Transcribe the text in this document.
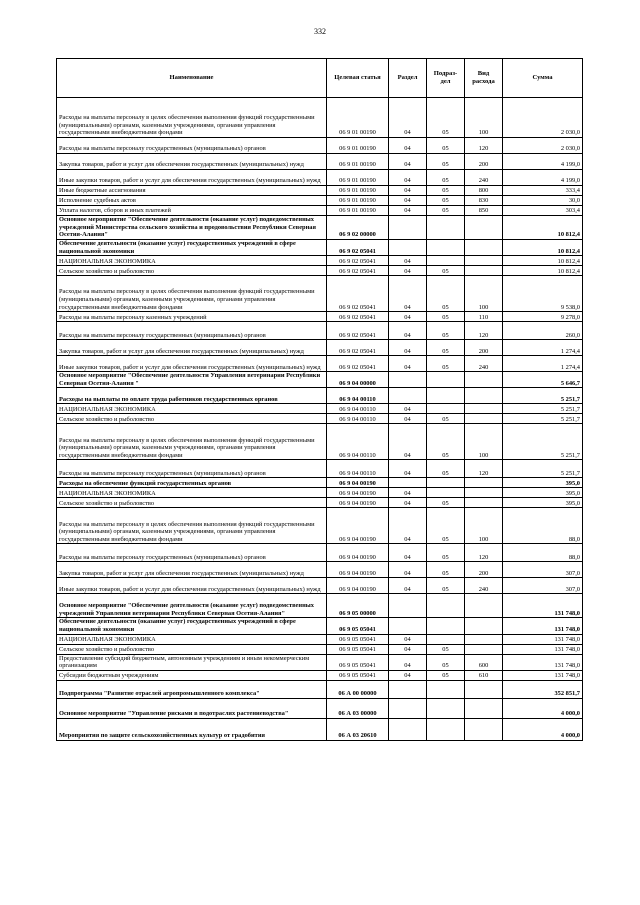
332
Наименование	Целевая статья	Раздел	Подраз-дел	Вид расхода	Сумма
Расходы на выплаты персоналу в целях обеспечения выполнения функций государственными (муниципальными) органами, казенными учреждениями, органами управления государственными внебюджетными фондами	06 9 01 00190	04	05	100	2 030,0
Расходы на выплаты персоналу государственных (муниципальных) органов	06 9 01 00190	04	05	120	2 030,0
Закупка товаров, работ и услуг для обеспечения государственных (муниципальных) нужд	06 9 01 00190	04	05	200	4 199,0
Иные закупки товаров, работ и услуг для обеспечения государственных (муниципальных) нужд	06 9 01 00190	04	05	240	4 199,0
Иные бюджетные ассигнования	06 9 01 00190	04	05	800	333,4
Исполнение судебных актов	06 9 01 00190	04	05	830	30,0
Уплата налогов, сборов и иных платежей	06 9 01 00190	04	05	850	303,4
Основное мероприятие "Обеспечение деятельности (оказание услуг) подведомственных учреждений Министерства сельского хозяйства и продовольствия Республики Северная Осетия-Алания"	06 9 02 00000				10 812,4
Обеспечение деятельности (оказание услуг) государственных учреждений в сфере национальной экономики	06 9 02 05041				10 812,4
НАЦИОНАЛЬНАЯ ЭКОНОМИКА	06 9 02 05041	04			10 812,4
Сельское хозяйство и рыболовство	06 9 02 05041	04	05		10 812,4
Расходы на выплаты персоналу в целях обеспечения выполнения функций государственными (муниципальными) органами, казенными учреждениями, органами управления государственными внебюджетными фондами	06 9 02 05041	04	05	100	9 538,0
Расходы на выплаты персоналу казенных учреждений	06 9 02 05041	04	05	110	9 278,0
Расходы на выплаты персоналу государственных (муниципальных) органов	06 9 02 05041	04	05	120	260,0
Закупка товаров, работ и услуг для обеспечения государственных (муниципальных) нужд	06 9 02 05041	04	05	200	1 274,4
Иные закупки товаров, работ и услуг для обеспечения государственных (муниципальных) нужд	06 9 02 05041	04	05	240	1 274,4
Основное мероприятие "Обеспечение деятельности Управления ветеринарии Республики Северная Осетия-Алания "	06 9 04 00000				5 646,7
Расходы на выплаты по оплате труда работников государственных органов	06 9 04 00110				5 251,7
НАЦИОНАЛЬНАЯ ЭКОНОМИКА	06 9 04 00110	04			5 251,7
Сельское хозяйство и рыболовство	06 9 04 00110	04	05		5 251,7
Расходы на выплаты персоналу в целях обеспечения выполнения функций государственными (муниципальными) органами, казенными учреждениями, органами управления государственными внебюджетными фондами	06 9 04 00110	04	05	100	5 251,7
Расходы на выплаты персоналу государственных (муниципальных) органов	06 9 04 00110	04	05	120	5 251,7
Расходы на обеспечение функций государственных органов	06 9 04 00190				395,0
НАЦИОНАЛЬНАЯ ЭКОНОМИКА	06 9 04 00190	04			395,0
Сельское хозяйство и рыболовство	06 9 04 00190	04	05		395,0
Расходы на выплаты персоналу в целях обеспечения выполнения функций государственными (муниципальными) органами, казенными учреждениями, органами управления государственными внебюджетными фондами	06 9 04 00190	04	05	100	88,0
Расходы на выплаты персоналу государственных (муниципальных) органов	06 9 04 00190	04	05	120	88,0
Закупка товаров, работ и услуг для обеспечения государственных (муниципальных) нужд	06 9 04 00190	04	05	200	307,0
Иные закупки товаров, работ и услуг для обеспечения государственных (муниципальных) нужд	06 9 04 00190	04	05	240	307,0
Основное мероприятие "Обеспечение деятельности (оказание услуг) подведомственных учреждений Управления ветеринарии Республики Северная Осетия-Алания"	06 9 05 00000				131 748,0
Обеспечение деятельности (оказание услуг) государственных учреждений в сфере национальной экономики	06 9 05 05041				131 748,0
НАЦИОНАЛЬНАЯ ЭКОНОМИКА	06 9 05 05041	04			131 748,0
Сельское хозяйство и рыболовство	06 9 05 05041	04	05		131 748,0
Предоставление субсидий бюджетным, автономным учреждениям и иным некоммерческим организациям	06 9 05 05041	04	05	600	131 748,0
Субсидии бюджетным учреждениям	06 9 05 05041	04	05	610	131 748,0
Подпрограмма "Развитие отраслей агропромышленного комплекса"	06 А 00 00000				352 851,7
Основное мероприятие "Управление рисками в подотраслях растениеводства"	06 А 03 00000				4 000,0
Мероприятия по защите сельскохозяйственных культур от градобития	06 А 03 20610				4 000,0
